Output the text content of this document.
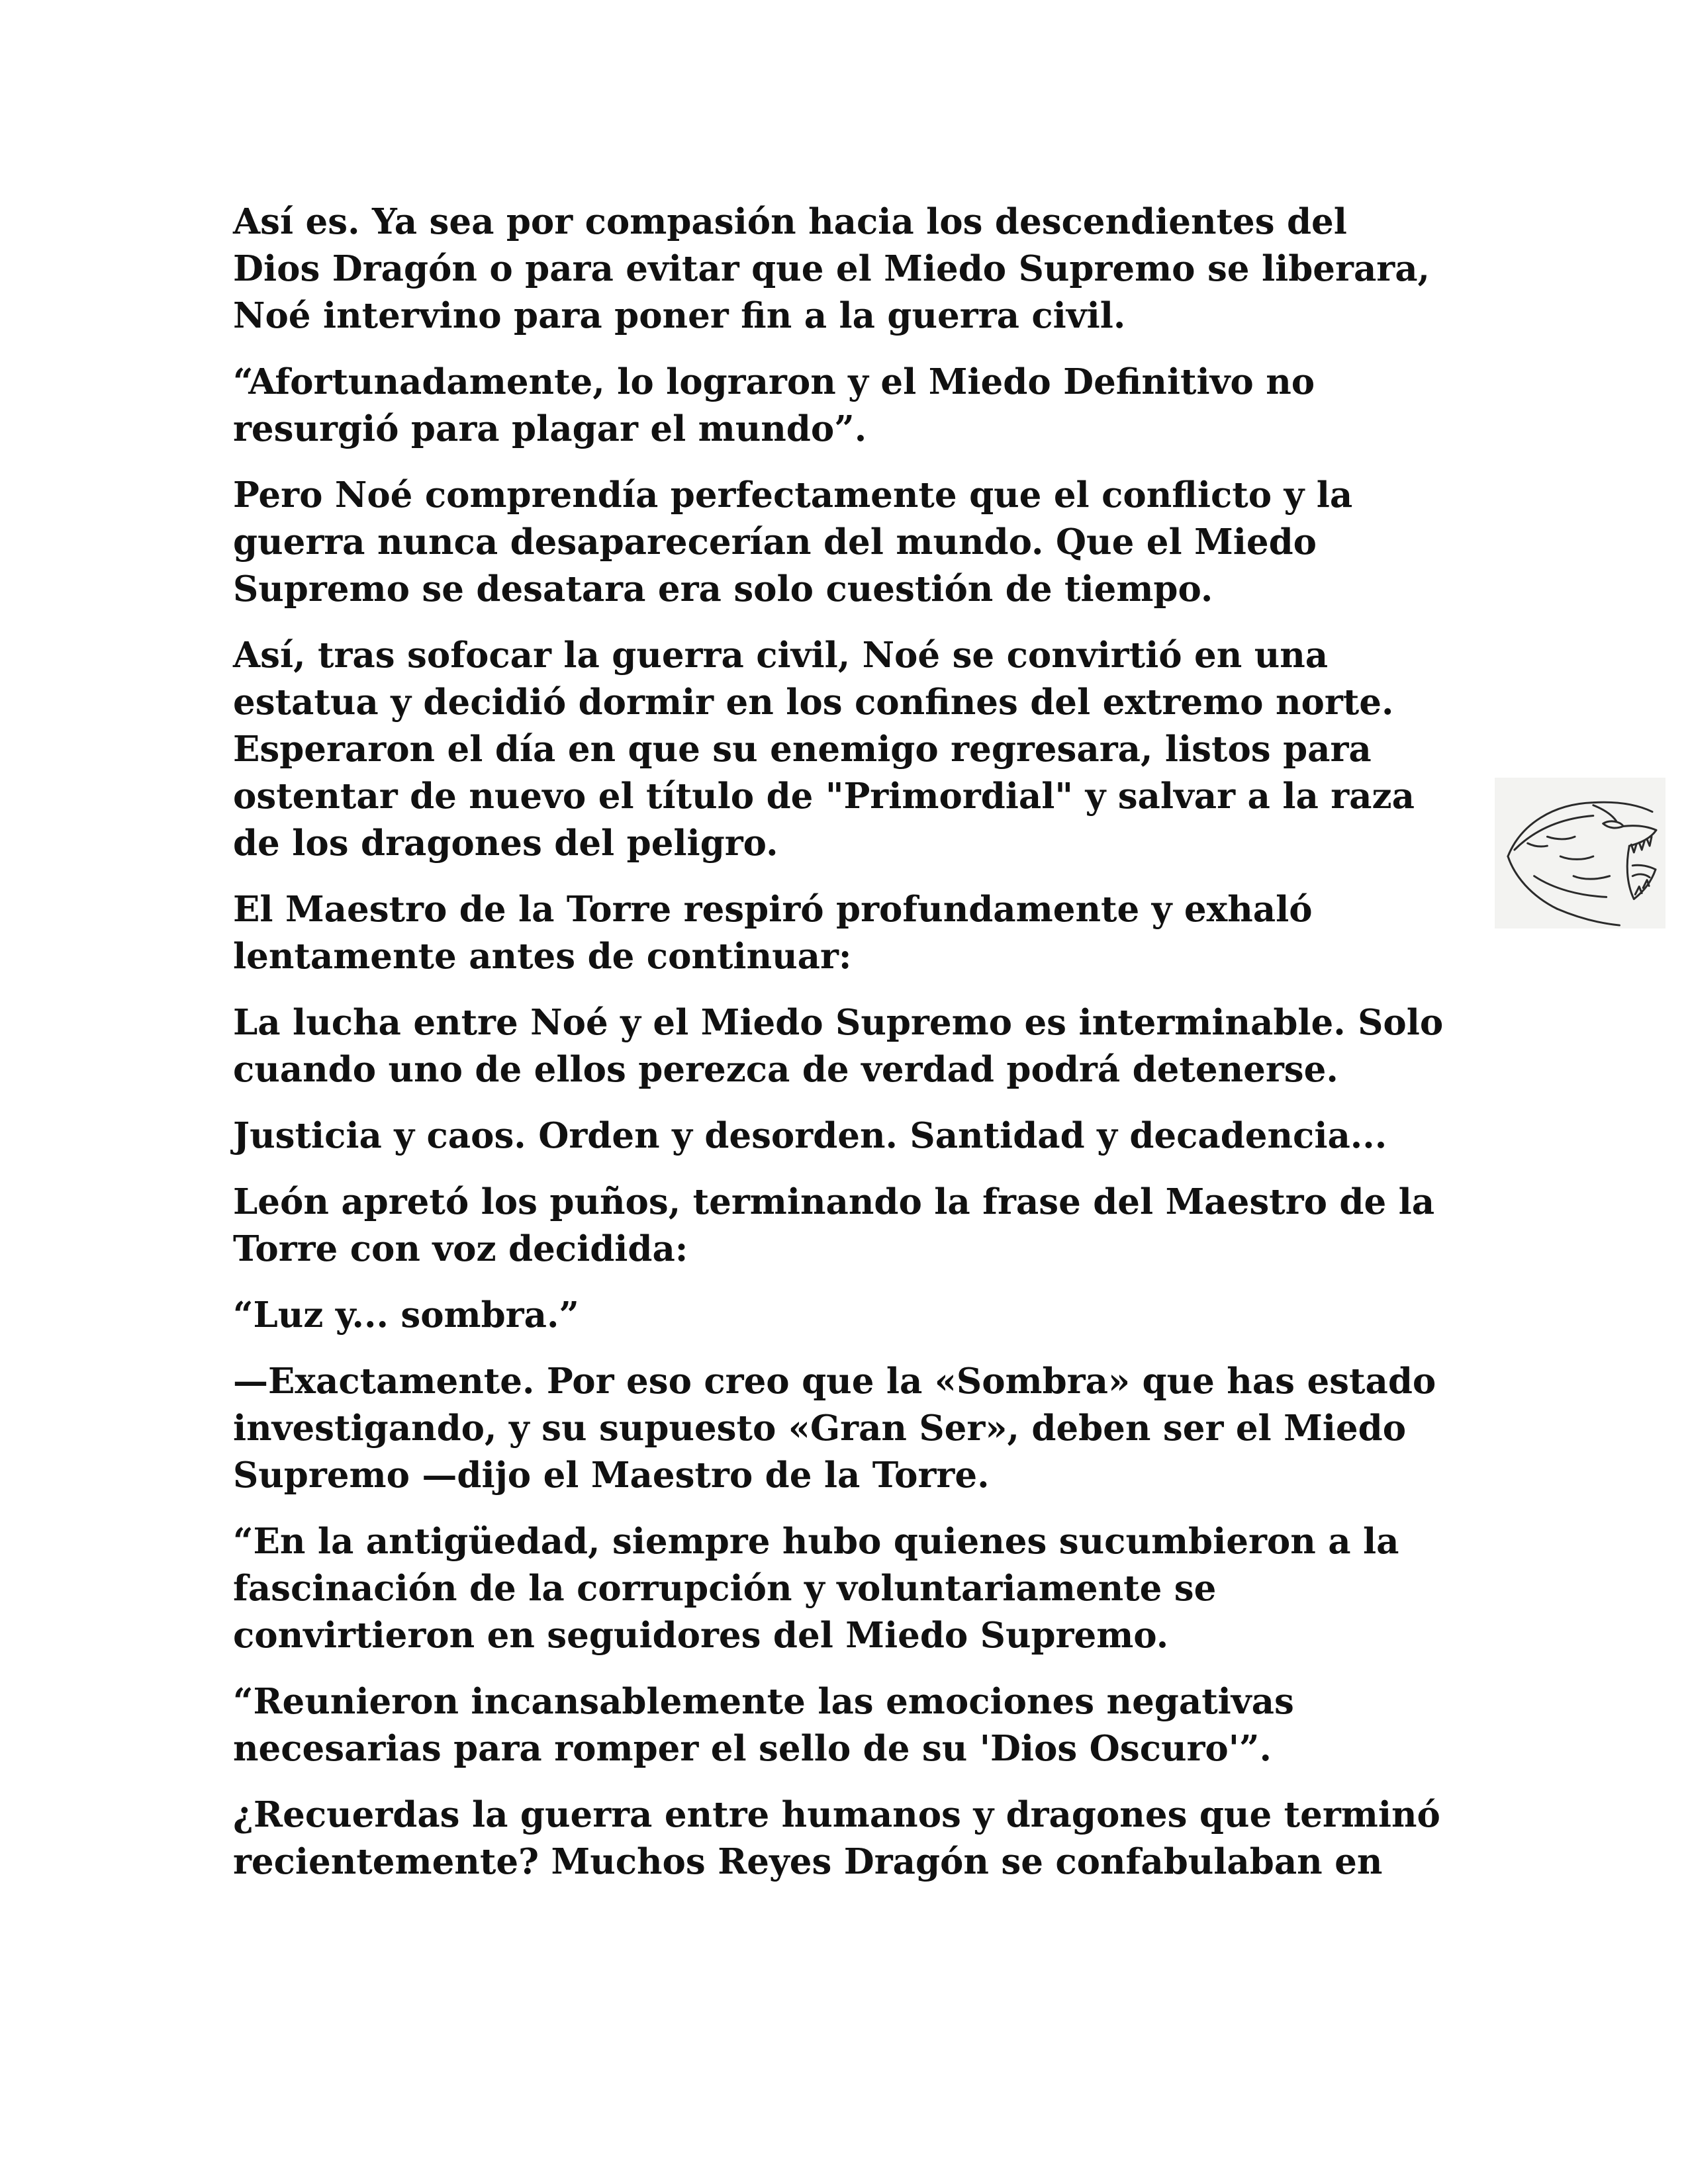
Así es. Ya sea por compasión hacia los descendientes del Dios Dragón o para evitar que el Miedo Supremo se liberara, Noé intervino para poner fin a la guerra civil.

“Afortunadamente, lo lograron y el Miedo Definitivo no resurgió para plagar el mundo”.

Pero Noé comprendía perfectamente que el conflicto y la guerra nunca desaparecerían del mundo. Que el Miedo Supremo se desatara era solo cuestión de tiempo.

Así, tras sofocar la guerra civil, Noé se convirtió en una estatua y decidió dormir en los confines del extremo norte. Esperaron el día en que su enemigo regresara, listos para ostentar de nuevo el título de "Primordial" y salvar a la raza de los dragones del peligro.

El Maestro de la Torre respiró profundamente y exhaló lentamente antes de continuar:

La lucha entre Noé y el Miedo Supremo es interminable. Solo cuando uno de ellos perezca de verdad podrá detenerse.

Justicia y caos. Orden y desorden. Santidad y decadencia...

León apretó los puños, terminando la frase del Maestro de la Torre con voz decidida:

“Luz y... sombra.”

—Exactamente. Por eso creo que la «Sombra» que has estado investigando, y su supuesto «Gran Ser», deben ser el Miedo Supremo —dijo el Maestro de la Torre.

“En la antigüedad, siempre hubo quienes sucumbieron a la fascinación de la corrupción y voluntariamente se convirtieron en seguidores del Miedo Supremo.

“Reunieron incansablemente las emociones negativas necesarias para romper el sello de su 'Dios Oscuro'”.

¿Recuerdas la guerra entre humanos y dragones que terminó recientemente? Muchos Reyes Dragón se confabulaban en
